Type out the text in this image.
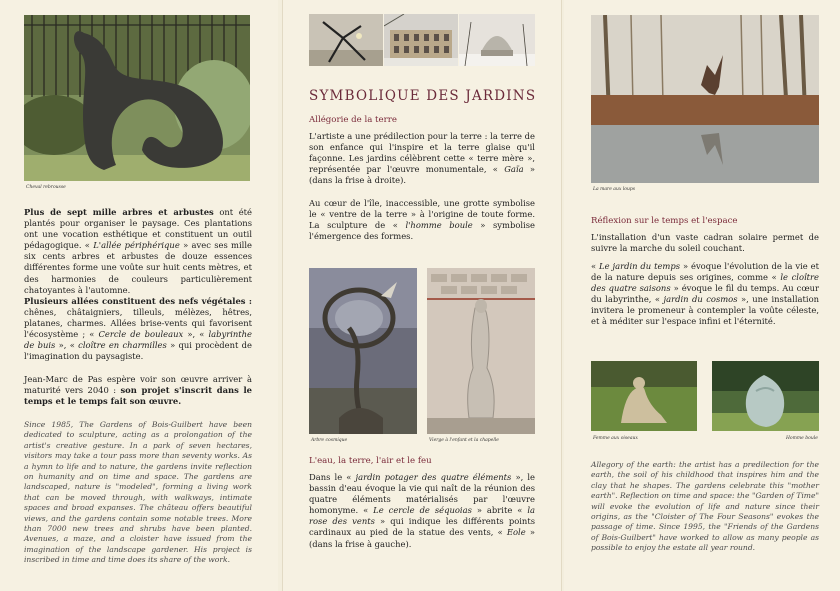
Cheval rebrousse

Plus de sept mille arbres et arbustes ont été plantés pour organiser le paysage. Ces plantations ont une vocation esthétique et constituent un outil pédagogique. « L'allée périphérique » avec ses mille six cents arbres et arbustes de douze essences différentes forme une voûte sur huit cents mètres, et des harmonies de couleurs particulièrement chatoyantes à l'automne.

Plusieurs allées constituent des nefs végétales : chênes, châtaigniers, tilleuls, mélèzes, hêtres, platanes, charmes. Allées brise-vents qui favorisent l'écosystème ; « Cercle de bouleaux », « labyrinthe de buis », « cloître en charmilles » qui procèdent de l'imagination du paysagiste.

Jean-Marc de Pas espère voir son œuvre arriver à maturité vers 2040 : son projet s'inscrit dans le temps et le temps fait son œuvre.

Since 1985, The Gardens of Bois-Guilbert have been dedicated to sculpture, acting as a prolongation of the artist's creative gesture. In a park of seven hectares, visitors may take a tour pass more than seventy works. As a hymn to life and to nature, the gardens invite reflection on humanity and on time and space. The gardens are landscaped, nature is "modeled", forming a living work that can be moved through, with walkways, intimate spaces and broad expanses. The château offers beautiful views, and the gardens contain some notable trees. More than 7000 new trees and shrubs have been planted. Avenues, a maze, and a cloister have issued from the imagination of the landscape gardener. His project is inscribed in time and time does its share of the work.

SYMBOLIQUE DES JARDINS
Allégorie de la terre

L'artiste a une prédilection pour la terre : la terre de son enfance qui l'inspire et la terre glaise qu'il façonne. Les jardins célèbrent cette « terre mère », représentée par l'œuvre monumentale, « Gaïa » (dans la frise à droite).

Au cœur de l'île, inaccessible, une grotte symbolise le « ventre de la terre » à l'origine de toute forme. La sculpture de « l'homme boule » symbolise l'émergence des formes.

Arbre cosmique	Vierge à l'enfant et la chapelle
L'eau, la terre, l'air et le feu

Dans le « jardin potager des quatre éléments », le bassin d'eau évoque la vie qui naît de la réunion des quatre éléments matérialisés par l'œuvre homonyme. « Le cercle de séquoias » abrite « la rose des vents » qui indique les différents points cardinaux au pied de la statue des vents, « Eole » (dans la frise à gauche).

La mare aux loups
Réflexion sur le temps et l'espace

L'installation d'un vaste cadran solaire permet de suivre la marche du soleil couchant.

« Le jardin du temps » évoque l'évolution de la vie et de la nature depuis ses origines, comme « le cloître des quatre saisons » évoque le fil du temps. Au cœur du labyrinthe, « jardin du cosmos », une installation invitera le promeneur à contempler la voûte céleste, et à méditer sur l'espace infini et l'éternité.

Femme aux oiseaux	Homme boule

Allegory of the earth: the artist has a predilection for the earth, the soil of his childhood that inspires him and the clay that he shapes. The gardens celebrate this "mother earth". Reflection on time and space: the "Garden of Time" will evoke the evolution of life and nature since their origins, as the "Cloister of The Four Seasons" evokes the passage of time. Since 1995, the "Friends of the Gardens of Bois-Guilbert" have worked to allow as many people as possible to enjoy the estate all year round.
